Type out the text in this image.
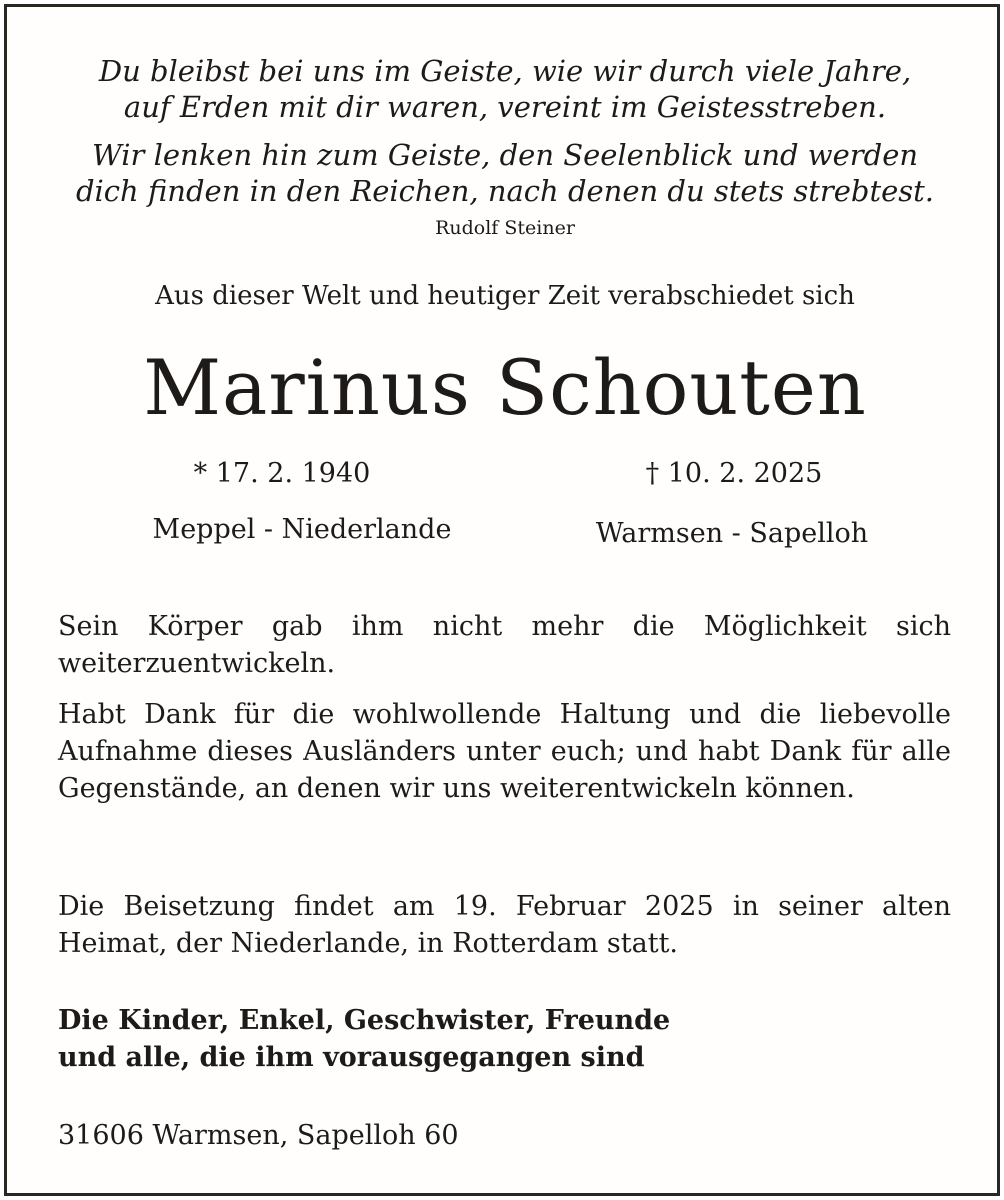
Du bleibst bei uns im Geiste, wie wir durch viele Jahre,
auf Erden mit dir waren, vereint im Geistesstreben.
Wir lenken hin zum Geiste, den Seelenblick und werden
dich finden in den Reichen, nach denen du stets strebtest.
Rudolf Steiner
Aus dieser Welt und heutiger Zeit verabschiedet sich
Marinus Schouten
* 17. 2. 1940	† 10. 2. 2025
Meppel - Niederlande	Warmsen - Sapelloh

Sein Körper gab ihm nicht mehr die Möglichkeit sich weiterzuentwickeln.

Habt Dank für die wohlwollende Haltung und die liebevolle Aufnahme dieses Ausländers unter euch; und habt Dank für alle Gegenstände, an denen wir uns weiterentwickeln können.

Die Beisetzung findet am 19. Februar 2025 in seiner alten Heimat, der Niederlande, in Rotterdam statt.

Die Kinder, Enkel, Geschwister, Freunde
und alle, die ihm vorausgegangen sind
31606 Warmsen, Sapelloh 60
